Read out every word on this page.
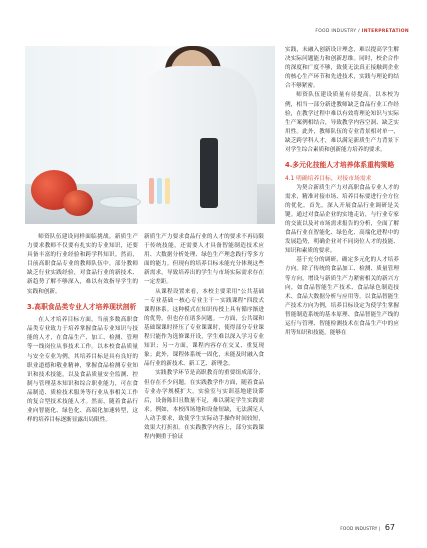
FOOD INDUSTRY / INTERPRETATION

师资队伍建设同样面临挑战。新质生产力要求教师不仅要有扎实的专业知识，还要具备丰富的行业经验和跨学科知识。然而，目前高职食品专业的教师队伍中，部分教师缺乏行业实践经验，对食品行业的新技术、新趋势了解不够深入，难以有效指导学生的实践和创新。

3.高职食品类专业人才培养现状剖析

在人才培养目标方面，当前多数高职食品类专业致力于培养掌握食品专业知识与技能的人才，在食品生产、加工、检测、管理等一线岗位从事技术工作。以本校食品质量与安全专业为例，其培养目标是具有良好的职业道德和敬业精神，掌握食品检测专业知识和技术技能，以及食品质量安全监测、控制与管理基本知识和综合职业能力，可在食品制造、质检技术服务等行业从事相关工作的复合型技术技能人才。然而，随着食品行业向智能化、绿色化、高端化加速转型，这样的培养目标逐渐显露出局限性。

新质生产力要求食品行业的人才的要求不再局限于传统技能，还需要人才具备智能制造技术应用、大数据分析处理、绿色生产理念践行等多方面的能力。但现有的培养目标未能充分体现这些新需求，导致培养出的学生与市场实际需求存在一定差距。

从课程设置来看，本校主要采用“公共基础－专业基础－核心专业主干－实践课程”四段式课程体系。这种模式在知识传授上具有循序渐进的优势，但也存在诸多问题。一方面，公共课和基础课课时挤压了专业课课时，使得部分专业课程只能作为选修课开设，学生难以深入学习专业知识；另一方面，课程内容存在交叉、重复现象；此外，课程体系统一固化，未能及时融入食品行业的新技术、新工艺、新理念。

实践教学环节是高职教育的重要组成部分，但存在不少问题。在实践教学作方面，随着食品专业办学规模扩大，实验室与实训基地建设滞后，设备陈旧且数量不足，难以满足学生实践需求。例如，本校四场地和设备短缺，无法满足人人动手要求，致使学生实际动手操作时间较短，效果大打折扣。在实践教学内容上，部分实践课程内侧重于验证

实践，未融入创新设计理念，难以提高学生解决实际问题能力和创新思维。同时，校企合作的深度和广度不够，致使无法真正接触到企业的核心生产环节和先进技术，实践与理论的结合不够紧密。

师资队伍建设质量有待提高。以本校为例，相当一部分新进教师缺乏食品行业工作经验，在教学过程中难以有效将理论知识与实际生产案例相结合，导致教学内容空洞、缺乏实用性。此外，教师队伍的专业背景相对单一，缺乏跨学科人才，难以满足新质生产力背景下对学生综合素质和创新能力培养的要求。

4.多元化技能人才培养体系重构策略
4.1 明确培养目标，对接市场需求

为契合新质生产力对高职食品专业人才的需求，精准对接市场、培养目标要进行全方位的优化。首先，深入开展食品行业调研是关键。通过对食品企业的实地走访，与行业专家的交流以及对市场需求报告的分析，全面了解食品行业在智能化、绿色化、高端化进程中的发展趋势，明确企业对不同岗位人才的技能、知识和素质的要求。

基于充分的调研，确定多元化的人才培养方向。除了传统的食品加工、检测、质量管理等方向，增设与新质生产力紧密相关的新兴方向，如食品智能生产技术、食品绿色制造技术、食品大数据分析与应用等。以食品智能生产技术方向为例，培养目标设定为使学生掌握智能制造系统的基本原理、食品智能生产线的运行与管理、智能检测技术在食品生产中的应用等知识和技能，能够在

FOOD INDUSTRY | 67
